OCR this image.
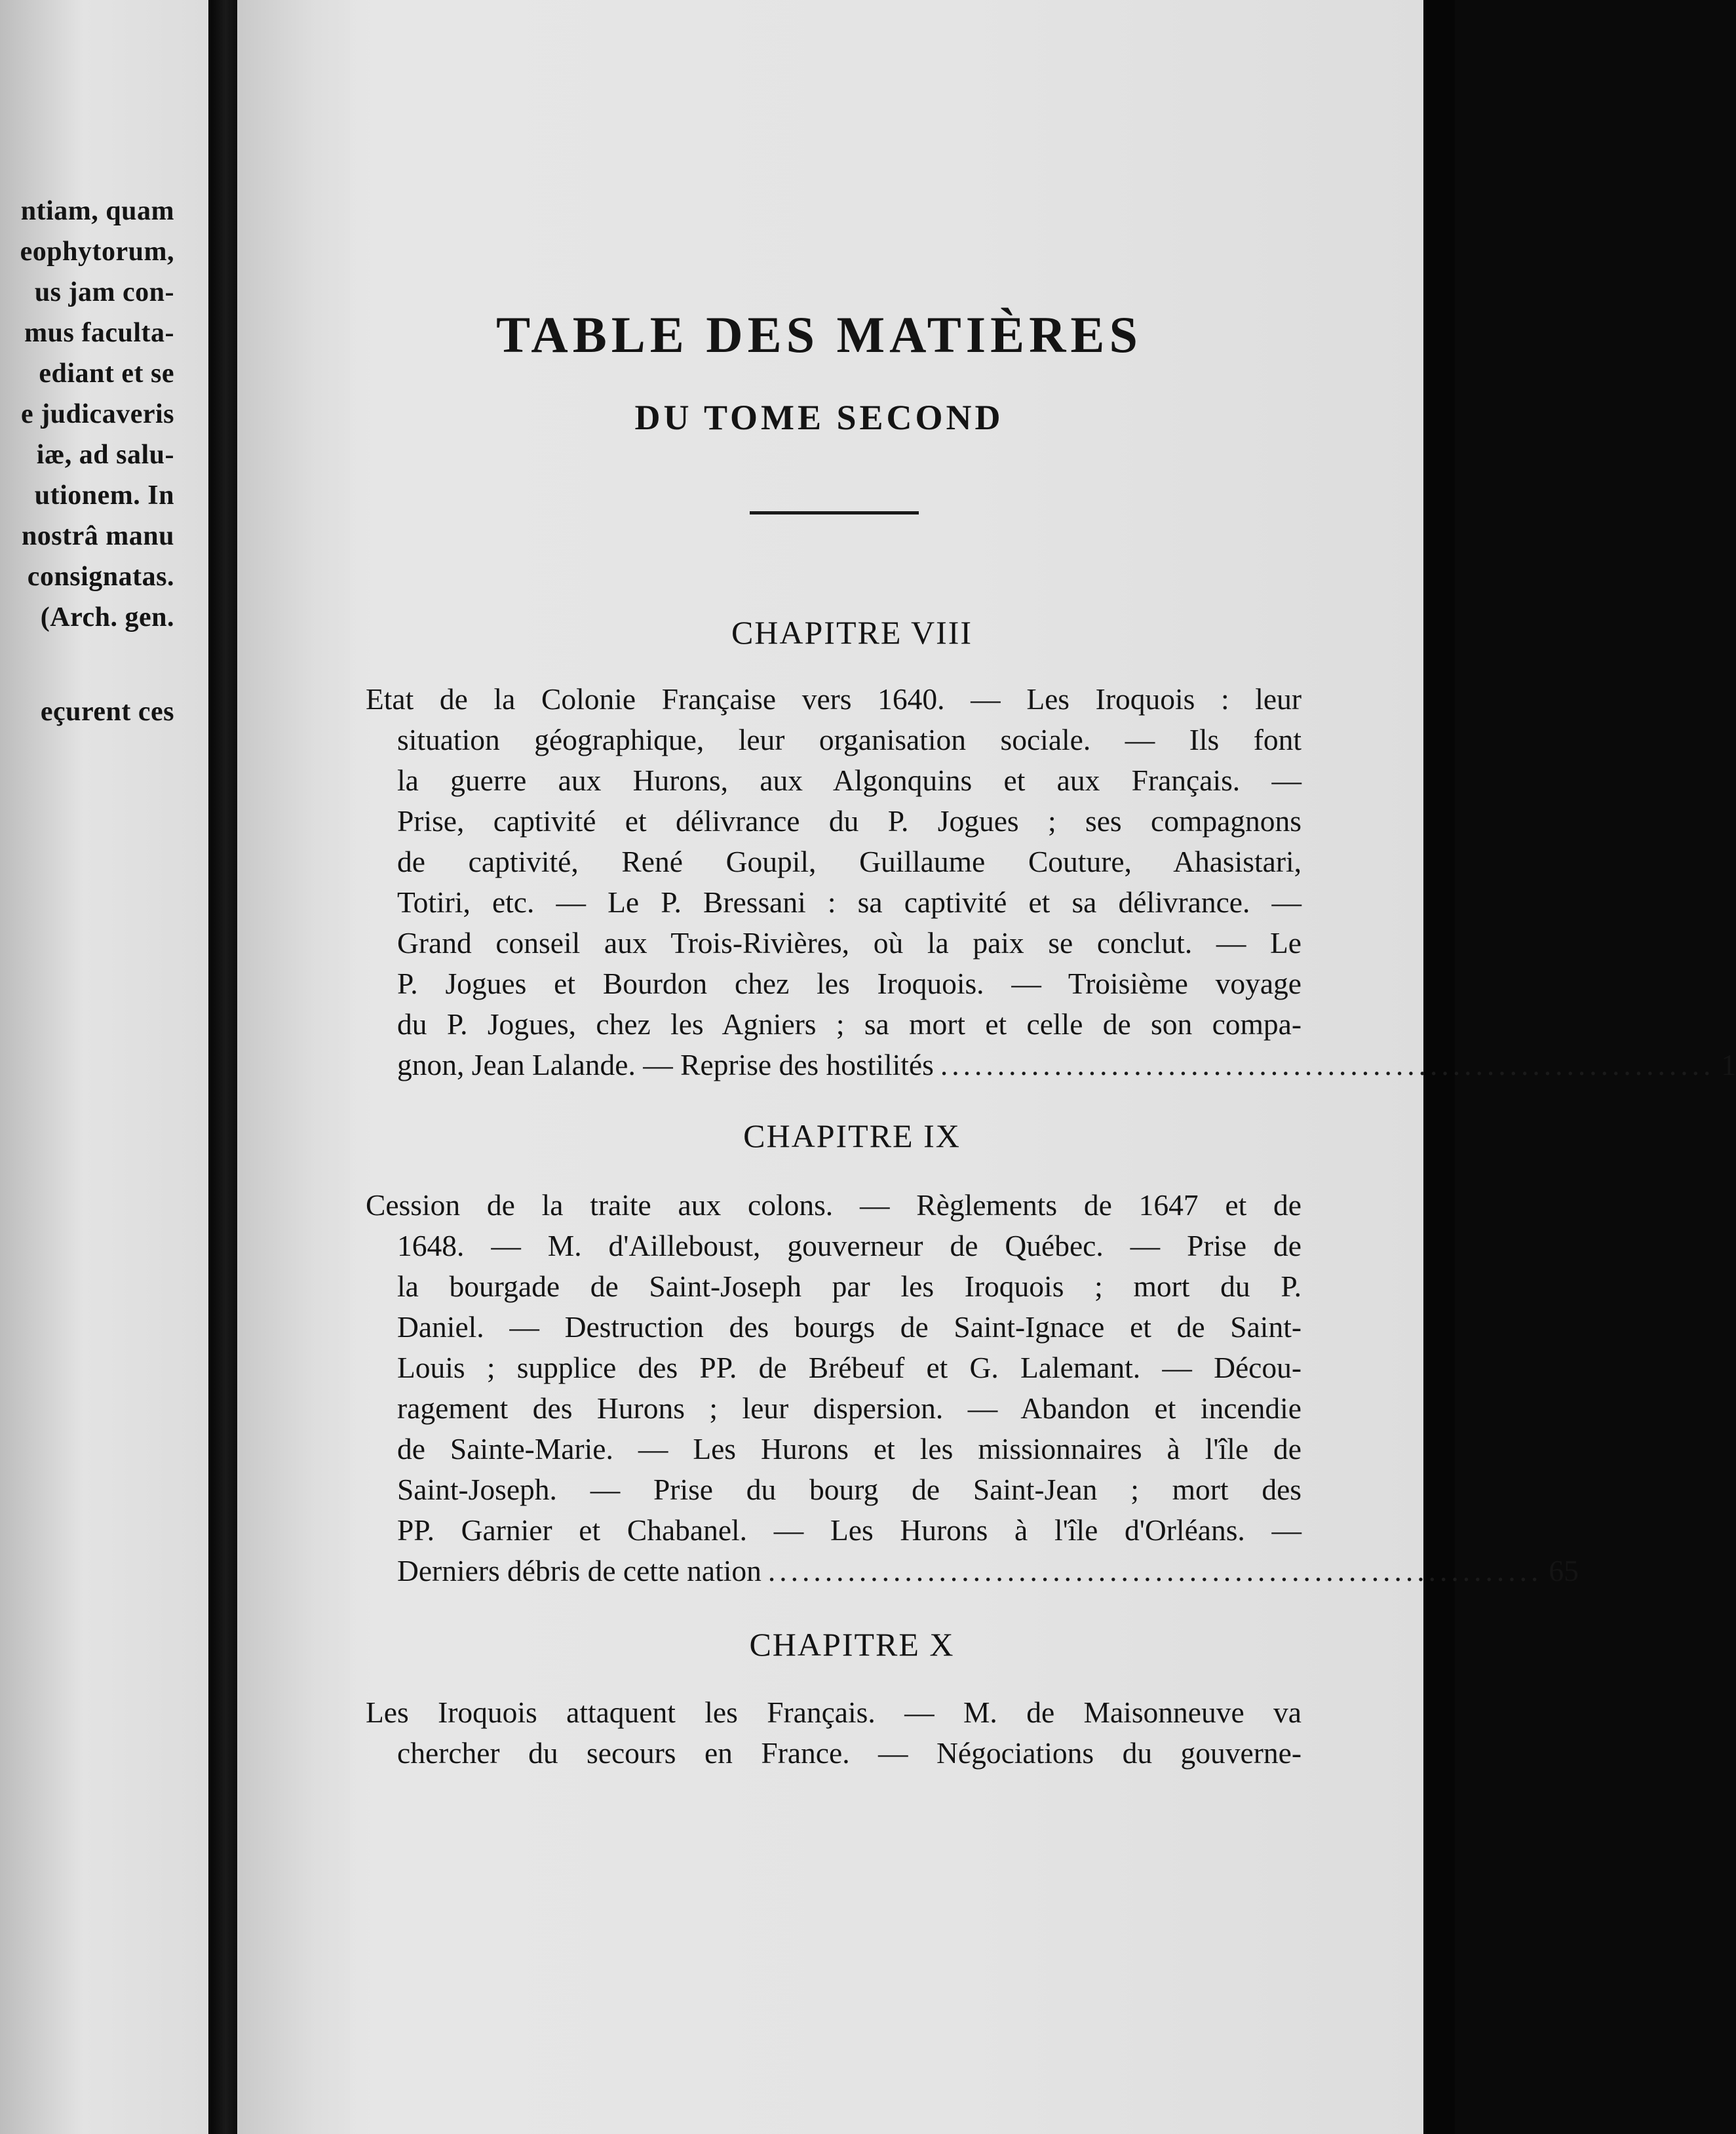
ntiam, quam
eophytorum,
us jam con-
mus faculta-
ediant et se
e judicaveris
iæ, ad salu-
utionem. In
nostrâ manu
consignatas.
(Arch. gen.
eçurent ces
TABLE DES MATIÈRES
DU TOME SECOND
CHAPITRE VIII
Etat de la Colonie Française vers 1640. — Les Iroquois : leur
situation géographique, leur organisation sociale. — Ils font
la guerre aux Hurons, aux Algonquins et aux Français. —
Prise, captivité et délivrance du P. Jogues ; ses compagnons
de captivité, René Goupil, Guillaume Couture, Ahasistari,
Totiri, etc. — Le P. Bressani : sa captivité et sa délivrance. —
Grand conseil aux Trois-Rivières, où la paix se conclut. — Le
P. Jogues et Bourdon chez les Iroquois. — Troisième voyage
du P. Jogues, chez les Agniers ; sa mort et celle de son compa-
gnon, Jean Lalande. — Reprise des hostilités .................................................................... 1
CHAPITRE IX
Cession de la traite aux colons. — Règlements de 1647 et de
1648. — M. d'Ailleboust, gouverneur de Québec. — Prise de
la bourgade de Saint-Joseph par les Iroquois ; mort du P.
Daniel. — Destruction des bourgs de Saint-Ignace et de Saint-
Louis ; supplice des PP. de Brébeuf et G. Lalemant. — Décou-
ragement des Hurons ; leur dispersion. — Abandon et incendie
de Sainte-Marie. — Les Hurons et les missionnaires à l'île de
Saint-Joseph. — Prise du bourg de Saint-Jean ; mort des
PP. Garnier et Chabanel. — Les Hurons à l'île d'Orléans. —
Derniers débris de cette nation .................................................................... 65
CHAPITRE X
Les Iroquois attaquent les Français. — M. de Maisonneuve va
chercher du secours en France. — Négociations du gouverne-
